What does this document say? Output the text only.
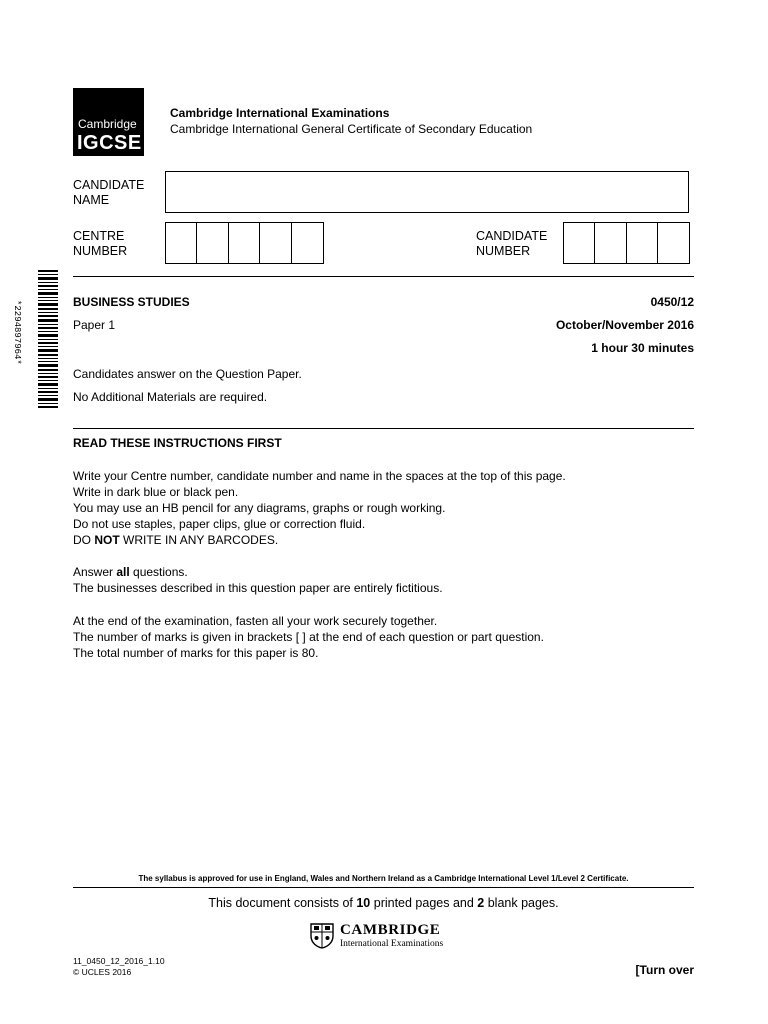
Cambridge
IGCSE
Cambridge International Examinations
Cambridge International General Certificate of Secondary Education
CANDIDATE
NAME
CENTRE
NUMBER
CANDIDATE
NUMBER
*2294897964*	BUSINESS STUDIES	0450/12
Paper 1	October/November 2016
1 hour 30 minutes
Candidates answer on the Question Paper.
No Additional Materials are required.
READ THESE INSTRUCTIONS FIRST
Write your Centre number, candidate number and name in the spaces at the top of this page.
Write in dark blue or black pen.
You may use an HB pencil for any diagrams, graphs or rough working.
Do not use staples, paper clips, glue or correction fluid.
DO NOT WRITE IN ANY BARCODES.
Answer all questions.
The businesses described in this question paper are entirely fictitious.
At the end of the examination, fasten all your work securely together.
The number of marks is given in brackets [ ] at the end of each question or part question.
The total number of marks for this paper is 80.
The syllabus is approved for use in England, Wales and Northern Ireland as a Cambridge International Level 1/Level 2 Certificate.
This document consists of 10 printed pages and 2 blank pages.
CAMBRIDGE
International Examinations
11_0450_12_2016_1.10
© UCLES 2016	[Turn over
